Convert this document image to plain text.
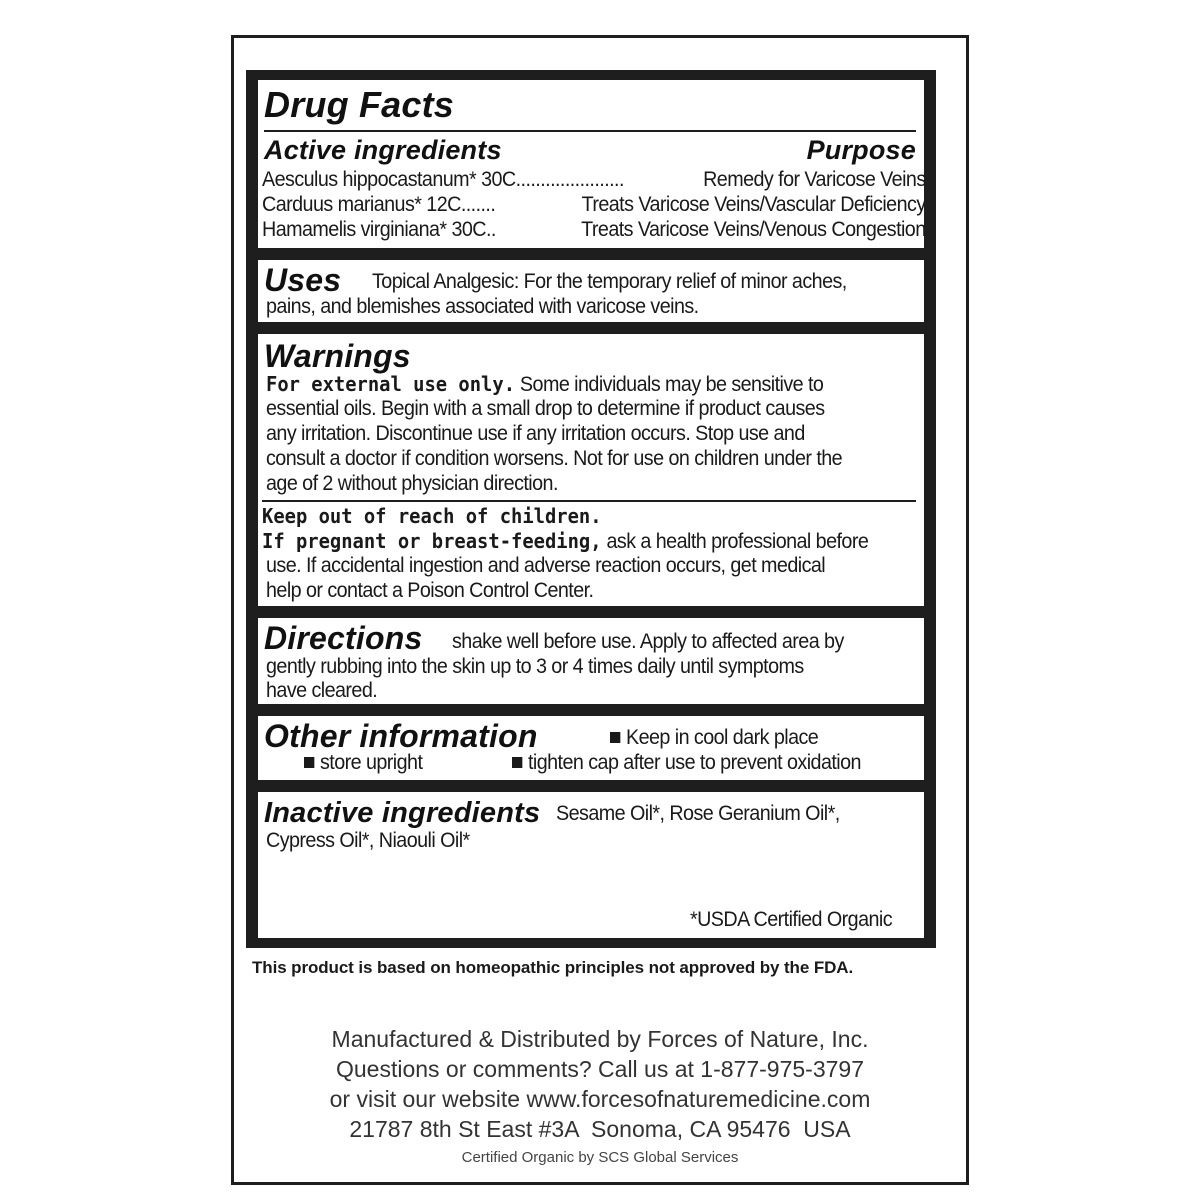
Drug Facts
Active ingredients	Purpose
Aesculus hippocastanum* 30C......................	Remedy for Varicose Veins
Carduus marianus* 12C.......	Treats Varicose Veins/Vascular Deficiency
Hamamelis virginiana* 30C..	Treats Varicose Veins/Venous Congestion
Uses Topical Analgesic: For the temporary relief of minor aches,
pains, and blemishes associated with varicose veins.
Warnings
For external use only. Some individuals may be sensitive to
essential oils. Begin with a small drop to determine if product causes
any irritation. Discontinue use if any irritation occurs. Stop use and
consult a doctor if condition worsens. Not for use on children under the
age of 2 without physician direction.
Keep out of reach of children.
If pregnant or breast-feeding, ask a health professional before
use. If accidental ingestion and adverse reaction occurs, get medical
help or contact a Poison Control Center.
Directions shake well before use. Apply to affected area by
gently rubbing into the skin up to 3 or 4 times daily until symptoms
have cleared.
Other information	Keep in cool dark place
store upright	tighten cap after use to prevent oxidation
Inactive ingredients Sesame Oil*, Rose Geranium Oil*,
Cypress Oil*, Niaouli Oil*
*USDA Certified Organic
This product is based on homeopathic principles not approved by the FDA.
Manufactured & Distributed by Forces of Nature, Inc.
Questions or comments? Call us at 1-877-975-3797
or visit our website www.forcesofnaturemedicine.com
21787 8th St East #3A  Sonoma, CA 95476  USA
Certified Organic by SCS Global Services
